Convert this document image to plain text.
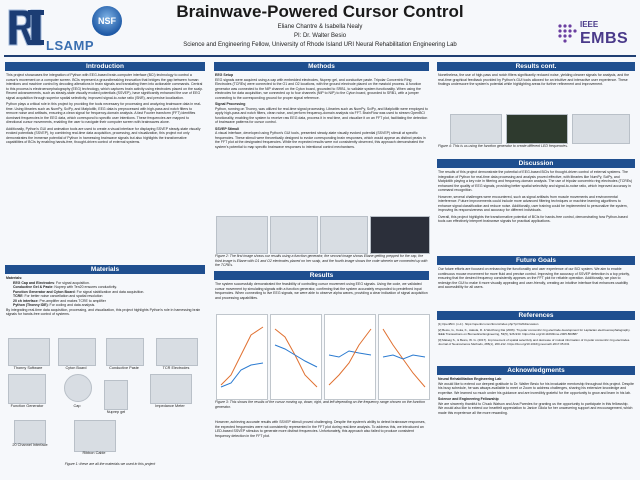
LSAMP
NSF	Brainwave-Powered Cursor Control
Eliane Chantre & Isabella Nealy
PI: Dr. Walter Besio
Science and Engineering Fellow, University of Rhode Island URI Neural Rehabilitation Engineering Lab
IEEE
EMBS
Introduction

This project showcases the integration of Python with EEG-based brain-computer interface (BCI) technology to control a cursor's movement on a computer screen. BCIs represent a groundbreaking innovation that bridges the gap between human intentions and machine control by decoding alterations in brain signals and translating them into actionable commands. Central to this process is electroencephalography (EEG) technology, which captures brain activity using electrodes placed on the scalp. Recent advancements, such as steady-state visually evoked potentials (SSVEP), have significantly enhanced the use of EEG signal acquisition through superior spatial selectivity, improved signal-to-noise ratio (SNR), and precise localization.

Python plays a critical role in this project by providing the tools necessary for processing and analyzing brainwave data in real-time. Using libraries such as NumPy, SciPy, and Matplotlib, EEG data is preprocessed with high-pass and notch filters to remove noise and artifacts, ensuring a clean signal for frequency-domain analysis. A fast Fourier transform (FFT) identifies dominant frequencies in the EEG data, which correspond to specific user intentions. These frequencies are mapped to directional cursor movements, enabling the user to navigate their computer screen with brainwaves alone.

Additionally, Python's GUI and animation tools are used to create a visual interface for displaying SSVEP steady-state visually evoked potentials (SSVEP), by combining real-time data acquisition, processing, and visualization, this project not only demonstrates the immense potential of Python in harnessing brainwave signals but also highlights the transformative capabilities of BCIs by enabling hands-free, thought-driven control of external systems.

Materials
Materials:
• EEG Cap and Electrodes: For signal acquisition.
• Conductive Gel & Paste: Nuprep with Ten20 ensures conductivity.
• Function Generator and Cyton Board: For signal stabilization and data acquisition.
• TCRE: For better noise cancellation and spatial resolution
• 20 ch interface: Pre-amplifier and makes TCRE to amplifier
• Python (Thonny IDE): For coding and data analysis.

By integrating real-time data acquisition, processing, and visualization, this project highlights Python's role in harnessing brain signals for hands-free control of systems.

Thonny Software	Cyton Board	Conductive Paste	TCR Electrodes
Function Generator	Cap
Nuprep gel
Impedance Meter
20 Channel Interface
Ribbon Cable
Figure 1: these are all the materials we used in this project
Methods
EEG Setup

EEG signals were acquired using a cap with embedded electrodes, Nuprep gel, and conductive paste. Tripolar Concentric Ring Electrodes (TCREs) were connected to the O1 and O2 locations, with the ground electrode placed on the mastoid process. A function generator was connected to the NIP channel on the Cyton board, grounded to SRB1, to validate system functionality. When using the electrodes for data acquisition, we connected up to four channels (NIP to NIP) to the Cyton board, grounded to SRB1, with a jumper connecting to the corresponding ground for proper signal reference.

Signal Processing

Python, running on Thonny, was utilized for real-time signal processing. Libraries such as NumPy, SciPy, and Matplotlib were employed to apply high-pass and notch filters, clean noise, and perform frequency-domain analysis via FFT. BrainFlow was used to stream OpenBCI functionality, enabling the system to receive raw EEG data, process it in real time, and visualize it on an FFT plot, facilitating the detection of brainwave patterns for cursor control.

SSVEP Stimuli

A visual interface, developed using Python's GUI tools, presented steady-state visually evoked potential (SSVEP) stimuli at specific frequencies. These stimuli were theoretically designed to evoke corresponding brain responses, which would appear as distinct peaks in the FFT plot at the designated frequencies. While the expected results were not consistently observed, this approach demonstrated the system's potential to map specific brainwave responses to intentional control mechanisms.

Figure 2: The first image shows our results using a function generator, the second image shows Eliane getting prepped for the cap, the third image is Eliane with O1 and O2 electrodes placed on her scalp, and the fourth image shows the code wherein we connected up with the TCREs.
Results

The system successfully demonstrated the feasibility of controlling cursor movement using EEG signals. Using the code, we validated cursor movement by simulating signals with a function generator, confirming that the system accurately responded to predefined input frequencies. When connecting to live EEG signals, we were able to observe alpha waves, providing a clear indication of signal acquisition and processing capabilities.

Figure 3: This shows the results of the cursor moving up, down, right, and left depending on the frequency range chosen on the function generator.

However, achieving accurate results with SSVEP stimuli proved challenging. Despite the system's ability to detect brainwave responses, the expected frequencies were not consistently represented in the FFT plot during real-time analysis. To address this, we introduced an LED-based SSVEP stimulus to generate more distinct frequencies. Unfortunately, this approach also failed to produce consistent frequency detection in the FFT plot.

Results cont.

Nonetheless, the use of high-pass and notch filters significantly reduced noise, yielding cleaner signals for analysis, and the real-time graphical feedback provided by Python's GUI tools allowed for an intuitive and interactive user experience. These findings underscore the system's potential while highlighting areas for further refinement and improvement.

Figure 4: This is us using the function generator to create different LED frequencies.
Discussion

The results of this project demonstrate the potential of EEG-based BCIs for thought-driven control of external systems. The integration of Python for real-time data processing and analysis proved effective, with libraries like NumPy, SciPy, and Matplotlib playing a key role in filtering and frequency-domain analysis. The use of tripolar concentric ring electrodes (TCREs) enhanced the quality of EEG signals, providing better spatial selectivity and signal-to-noise ratio, which improved accuracy in command recognition.

However, several challenges were encountered, such as signal artifacts from muscle movements and environmental interference. Future improvements could include more advanced filtering techniques or machine learning algorithms to enhance signal classification and reduce noise. Additionally, user training could be implemented to personalize the system, improving its responsiveness and accuracy for different individuals.

Overall, this project highlights the transformative potential of BCIs for hands-free control, demonstrating how Python-based tools can effectively interpret brainwave signals for practical applications.

Future Goals

Our future efforts are focused on enhancing the functionality and user experience of our BCI system. We aim to enable continuous mouse movement for more fluid and precise control. Improving the accuracy of SSVEP detection is a top priority, ensuring that the desired frequency consistently appears on the FFT plot for reliable operation. Additionally, we plan to redesign the GUI to make it more visually appealing and user-friendly, creating an intuitive interface that enhances usability and accessibility for all users.

References

[1] OpenBCI. (n.d.). https://openbci.com/forum/index.php?p=%2Fdiscussion

[2] Besio, G., Koka, K., Aakula, R. & Weizhong Dai (2006). Tri-polar concentric ring electrode development for Laplacian electroencephalography. IEEE Transactions on Biomedical Engineering, 53(5), 926-933. https://doi.org/10.1109/tbme.2005.863887

[3] Makeig S., & Besio, W. G. (2017). Improvement of spatial selectivity and decrease of mutual information of tri-polar concentric ring electrodes. Journal of Neuroscience Methods, 286(1), 200-212. https://doi.org/10.1016/j.jneumeth.2017.05.031

Acknowledgments
Neural Rehabilitation Engineering Lab

We would like to extend our deepest gratitude to Dr. Walter Besio for his invaluable mentorship throughout this project. Despite his busy schedule, he was always available to meet or Zoom to address challenges, sharing his extensive knowledge and expertise. We learned so much under his guidance and are incredibly grateful for the opportunity to grow and learn in his lab.

Science and Engineering Fellowship

We are sincerely thankful to Chuck Watson and Ana Paredes for granting us the opportunity to participate in this fellowship. We would also like to extend our heartfelt appreciation to Janice Gliola for her unwavering support and encouragement, which made this experience all the more rewarding.
